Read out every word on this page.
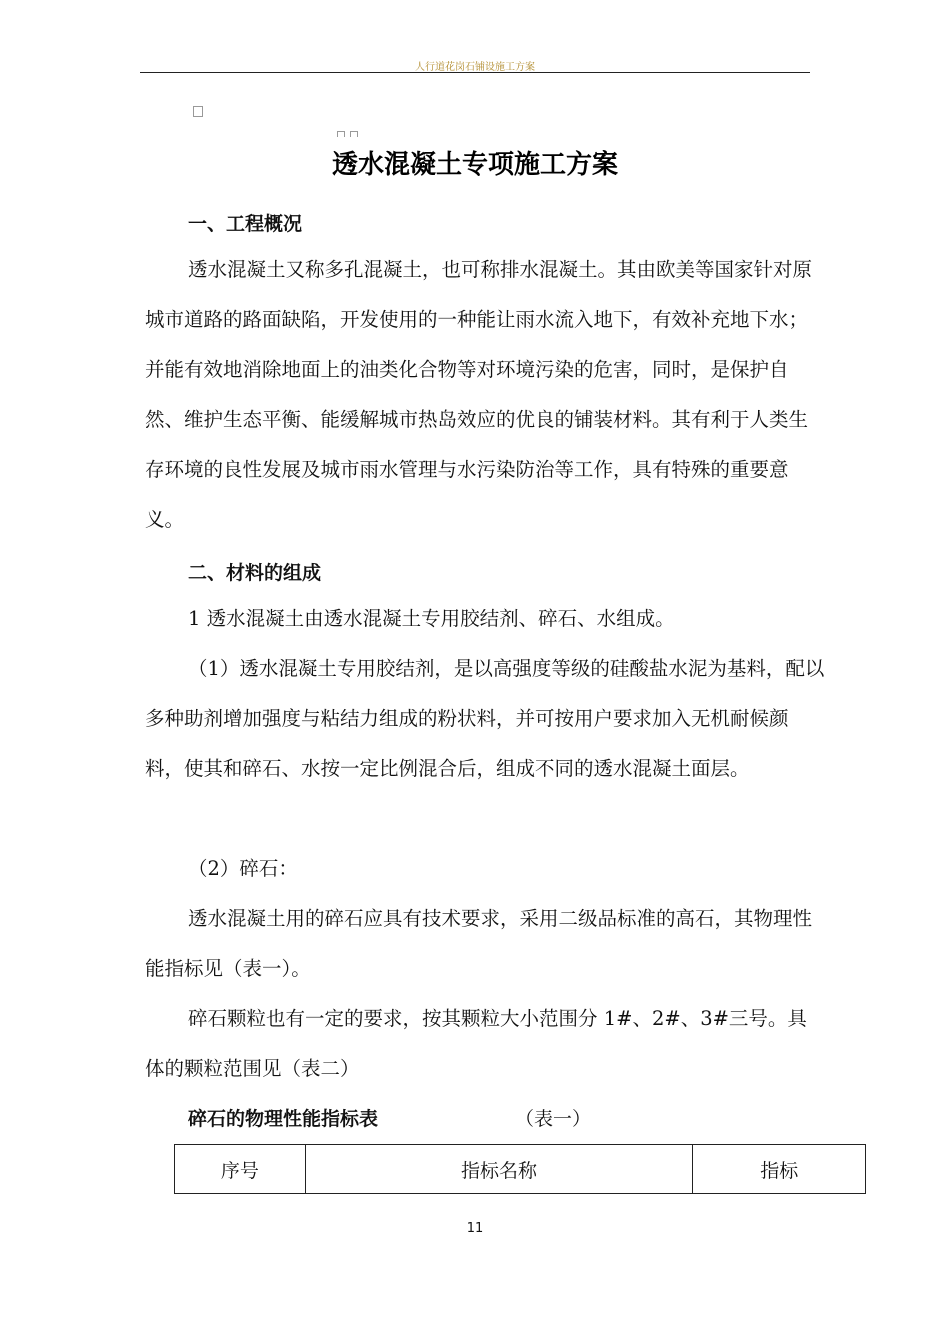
人行道花岗石铺设施工方案
透水混凝土专项施工方案
一、工程概况
透水混凝土又称多孔混凝土，也可称排水混凝土。其由欧美等国家针对原城市道路的路面缺陷，开发使用的一种能让雨水流入地下，有效补充地下水；并能有效地消除地面上的油类化合物等对环境污染的危害，同时，是保护自然、维护生态平衡、能缓解城市热岛效应的优良的铺装材料。其有利于人类生存环境的良性发展及城市雨水管理与水污染防治等工作，具有特殊的重要意义。
二、材料的组成
1 透水混凝土由透水混凝土专用胶结剂、碎石、水组成。
（1）透水混凝土专用胶结剂，是以高强度等级的硅酸盐水泥为基料，配以多种助剂增加强度与粘结力组成的粉状料，并可按用户要求加入无机耐候颜料，使其和碎石、水按一定比例混合后，组成不同的透水混凝土面层。
（2）碎石：
透水混凝土用的碎石应具有技术要求，采用二级品标准的高石，其物理性能指标见（表一）。
碎石颗粒也有一定的要求，按其颗粒大小范围分 1#、2#、3#三号。具体的颗粒范围见（表二）
碎石的物理性能指标表	（表一）
序号	指标名称	指标
11
